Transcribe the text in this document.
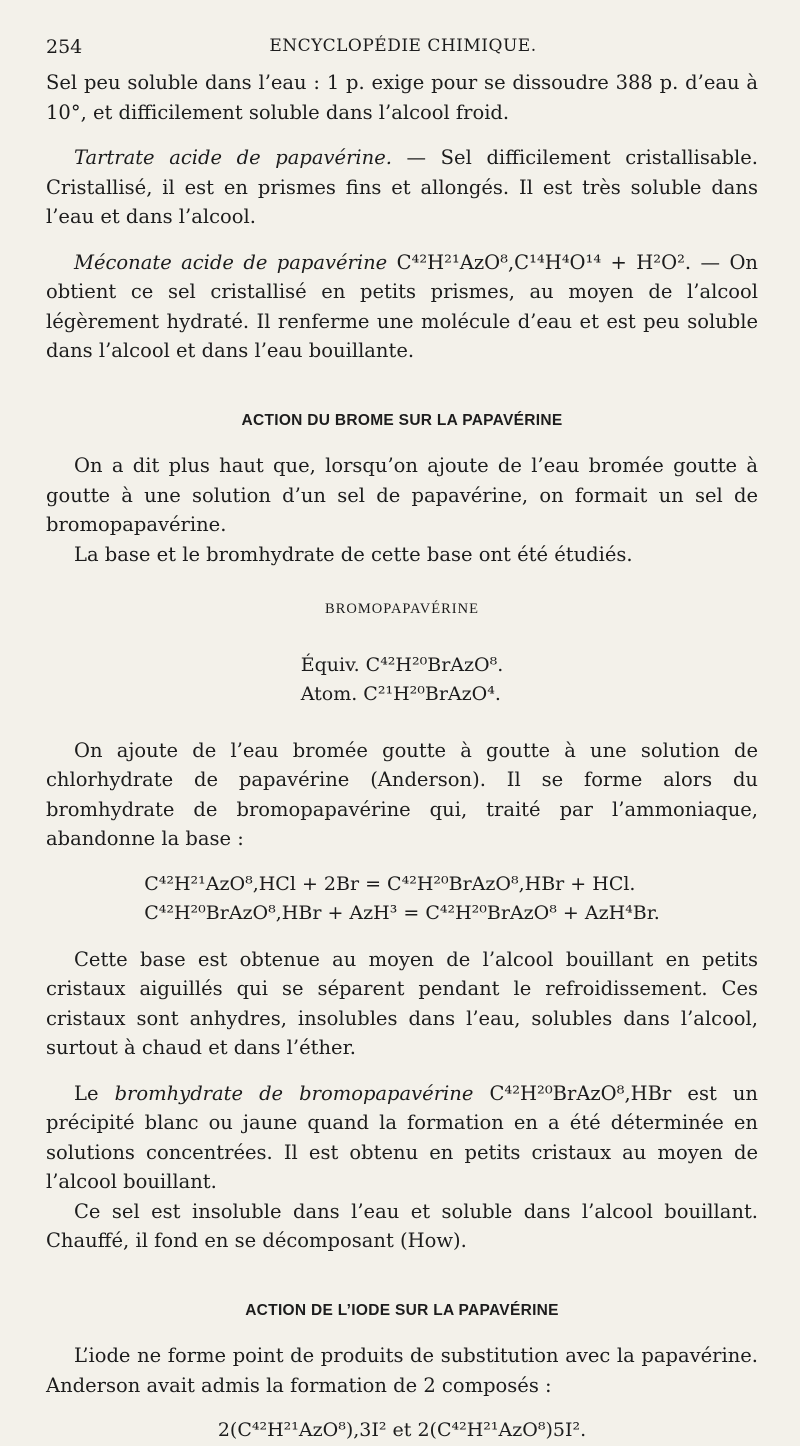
254	ENCYCLOPÉDIE CHIMIQUE.

Sel peu soluble dans l’eau : 1 p. exige pour se dissoudre 388 p. d’eau à 10°, et difficilement soluble dans l’alcool froid.

Tartrate acide de papavérine. — Sel difficilement cristallisable. Cristallisé, il est en prismes fins et allongés. Il est très soluble dans l’eau et dans l’alcool.

Méconate acide de papavérine C⁴²H²¹AzO⁸,C¹⁴H⁴O¹⁴ + H²O². — On obtient ce sel cristallisé en petits prismes, au moyen de l’alcool légèrement hydraté. Il renferme une molécule d’eau et est peu soluble dans l’alcool et dans l’eau bouillante.

ACTION DU BROME SUR LA PAPAVÉRINE

On a dit plus haut que, lorsqu’on ajoute de l’eau bromée goutte à goutte à une solution d’un sel de papavérine, on formait un sel de bromopapavérine.

La base et le bromhydrate de cette base ont été étudiés.

BROMOPAPAVÉRINE
Équiv. C⁴²H²⁰BrAzO⁸.
Atom. C²¹H²⁰BrAzO⁴.

On ajoute de l’eau bromée goutte à goutte à une solution de chlorhydrate de papavérine (Anderson). Il se forme alors du bromhydrate de bromopapavérine qui, traité par l’ammoniaque, abandonne la base :

C⁴²H²¹AzO⁸,HCl + 2Br = C⁴²H²⁰BrAzO⁸,HBr + HCl.
C⁴²H²⁰BrAzO⁸,HBr + AzH³ = C⁴²H²⁰BrAzO⁸ + AzH⁴Br.

Cette base est obtenue au moyen de l’alcool bouillant en petits cristaux aiguillés qui se séparent pendant le refroidissement. Ces cristaux sont anhydres, insolubles dans l’eau, solubles dans l’alcool, surtout à chaud et dans l’éther.

Le bromhydrate de bromopapavérine C⁴²H²⁰BrAzO⁸,HBr est un précipité blanc ou jaune quand la formation en a été déterminée en solutions concentrées. Il est obtenu en petits cristaux au moyen de l’alcool bouillant.

Ce sel est insoluble dans l’eau et soluble dans l’alcool bouillant. Chauffé, il fond en se décomposant (How).

ACTION DE L’IODE SUR LA PAPAVÉRINE

L’iode ne forme point de produits de substitution avec la papavérine. Anderson avait admis la formation de 2 composés :

2(C⁴²H²¹AzO⁸),3I² et 2(C⁴²H²¹AzO⁸)5I².
